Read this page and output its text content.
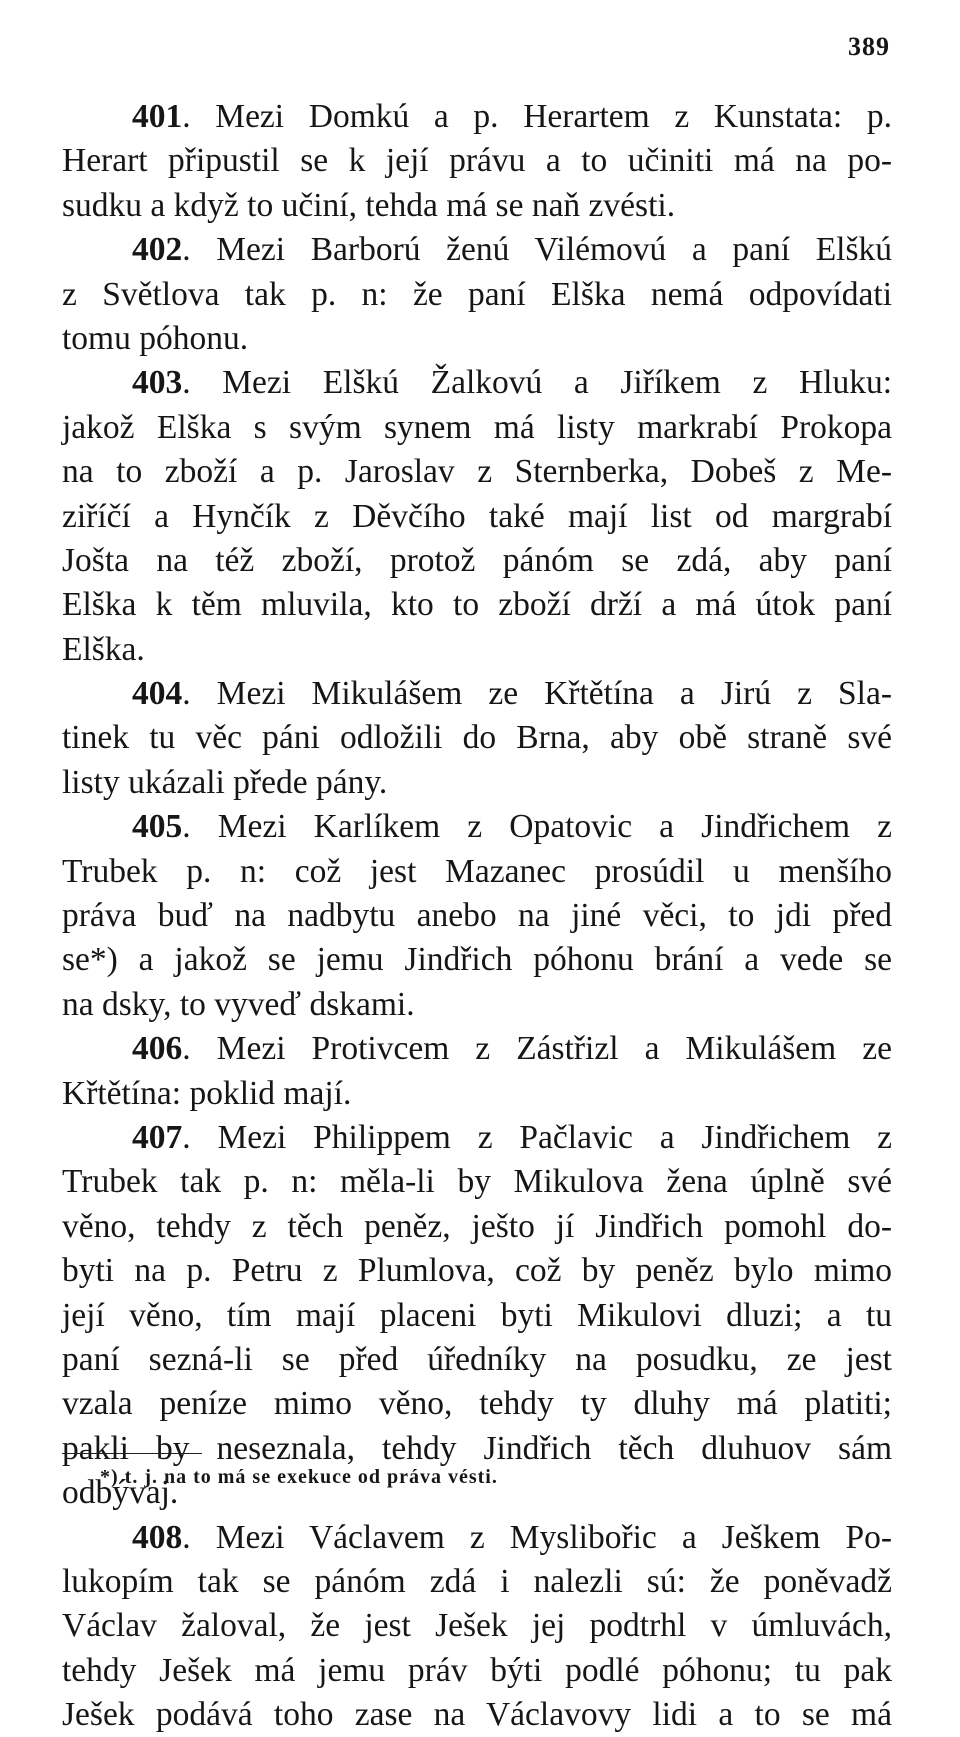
389
401. Mezi Domkú a p. Herartem z Kunstata: p.
Herart připustil se k její právu a to učiniti má na po-
sudku a když to učiní, tehda má se naň zvésti.
402. Mezi Barború ženú Vilémovú a paní Elškú
z Světlova tak p. n: že paní Elška nemá odpovídati
tomu póhonu.
403. Mezi Elškú Žalkovú a Jiříkem z Hluku:
jakož Elška s svým synem má listy markrabí Prokopa
na to zboží a p. Jaroslav z Sternberka, Dobeš z Me-
ziříčí a Hynčík z Děvčího také mají list od margrabí
Jošta na též zboží, protož pánóm se zdá, aby paní
Elška k těm mluvila, kto to zboží drží a má útok paní
Elška.
404. Mezi Mikulášem ze Křtětína a Jirú z Sla-
tinek tu věc páni odložili do Brna, aby obě straně své
listy ukázali přede pány.
405. Mezi Karlíkem z Opatovic a Jindřichem z
Trubek p. n: což jest Mazanec prosúdil u menšího
práva buď na nadbytu anebo na jiné věci, to jdi před
se*) a jakož se jemu Jindřich póhonu brání a vede se
na dsky, to vyveď dskami.
406. Mezi Protivcem z Zástřizl a Mikulášem ze
Křtětína: poklid mají.
407. Mezi Philippem z Pačlavic a Jindřichem z
Trubek tak p. n: měla-li by Mikulova žena úplně své
věno, tehdy z těch peněz, ješto jí Jindřich pomohl do-
byti na p. Petru z Plumlova, což by peněz bylo mimo
její věno, tím mají placeni byti Mikulovi dluzi; a tu
paní sezná-li se před úředníky na posudku, ze jest
vzala peníze mimo věno, tehdy ty dluhy má platiti;
pakli by neseznala, tehdy Jindřich těch dluhuov sám
odbývaj.
408. Mezi Václavem z Myslibořic a Ješkem Po-
lukopím tak se pánóm zdá i nalezli sú: že poněvadž
Václav žaloval, že jest Ješek jej podtrhl v úmluvách,
tehdy Ješek má jemu práv býti podlé póhonu; tu pak
Ješek podává toho zase na Václavovy lidi a to se má
*) t. j. na to má se exekuce od práva vésti.
